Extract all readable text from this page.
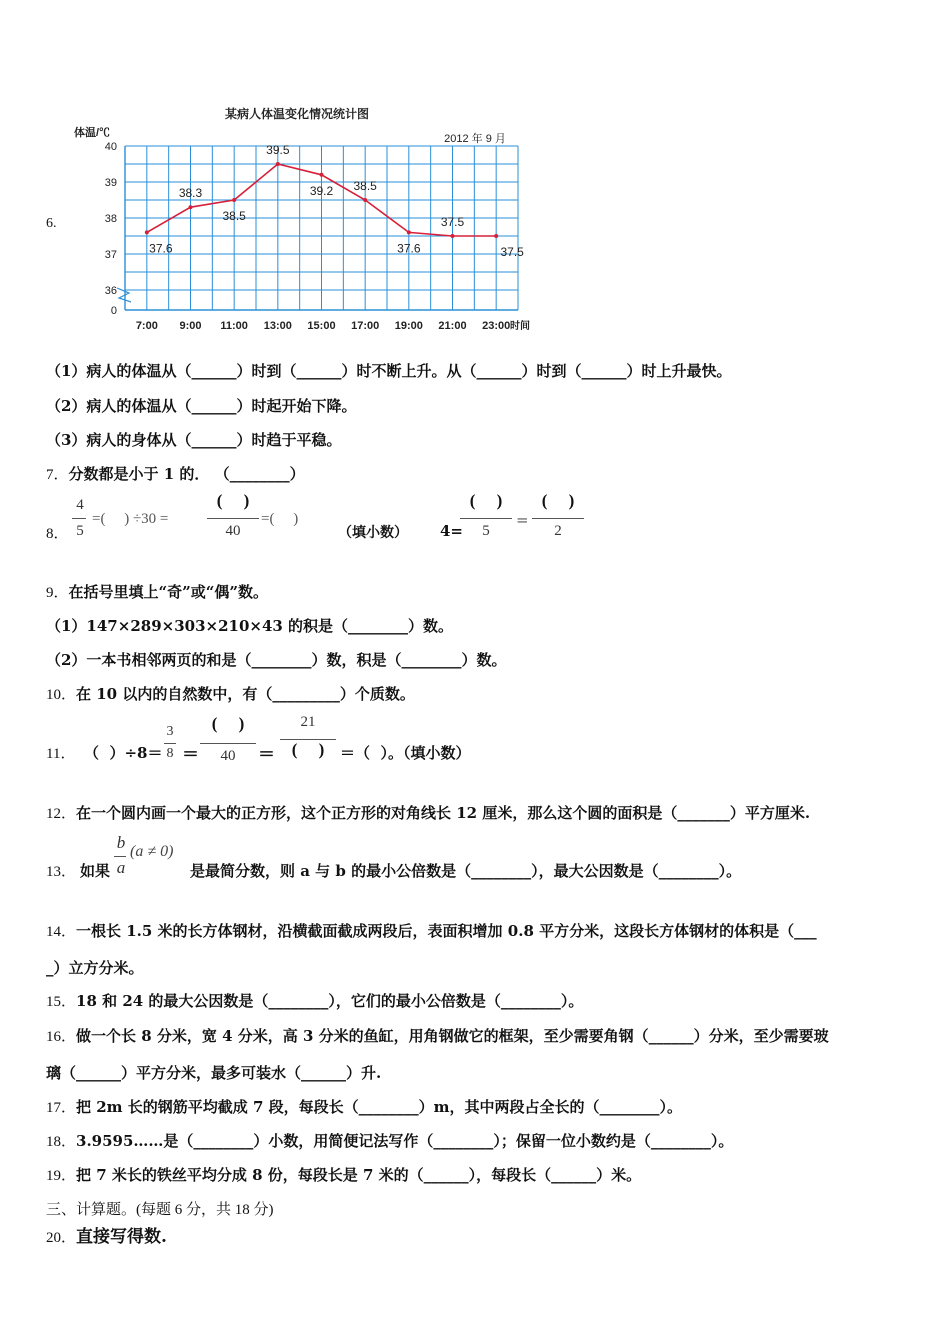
6.
某病人体温变化情况统计图
2012 年 9 月
体温/℃
时间
40
39
38
37
36
0
7:00 9:00 11:00 13:00 15:00 17:00 19:00 21:00 23:00
37.6
38.3
38.5
39.5
39.2 38.5
37.6
37.5
37.5
（1）病人的体温从（______）时到（______）时不断上升。从（______）时到（______）时上升最快。
（2）病人的体温从（______）时起开始下降。
（3）病人的身体从（______）时趋于平稳。
7．分数都是小于 1 的． （________）
8．
4
5
=(     ) ÷30 =
(     )
40
=(     )
（填小数） 4=
(     )
5
=
(     )
2
9．在括号里填上“奇”或“偶”数。
（1）147×289×303×210×43 的积是（________）数。
（2）一本书相邻两页的和是（________）数，积是（________）数。
10．在 10 以内的自然数中，有（_________）个质数。
11． （  ）÷8＝
3
8 ＝
(     )
40	＝
21
(     )	＝（  ）。（填小数）
12．在一个圆内画一个最大的正方形，这个正方形的对角线长 12 厘米，那么这个圆的面积是（_______）平方厘米.
13． 如果
b
a
(a ≠ 0)
是最简分数，则 a 与 b 的最小公倍数是（________），最大公因数是（________）。
14．一根长 1.5 米的长方体钢材，沿横截面截成两段后，表面积增加 0.8 平方分米，这段长方体钢材的体积是（___
_）立方分米。
15．18 和 24 的最大公因数是（________），它们的最小公倍数是（________）。
16．做一个长 8 分米，宽 4 分米，高 3 分米的鱼缸，用角钢做它的框架，至少需要角钢（______）分米，至少需要玻
璃（______）平方分米，最多可装水（______）升.
17．把 2m 长的钢筋平均截成 7 段，每段长（________）m，其中两段占全长的（________）。
18．3.9595……是（________）小数，用简便记法写作（________）；保留一位小数约是（________）。
19．把 7 米长的铁丝平均分成 8 份，每段长是 7 米的（______），每段长（______）米。
三、计算题。(每题 6 分，共 18 分)
20．直接写得数.
